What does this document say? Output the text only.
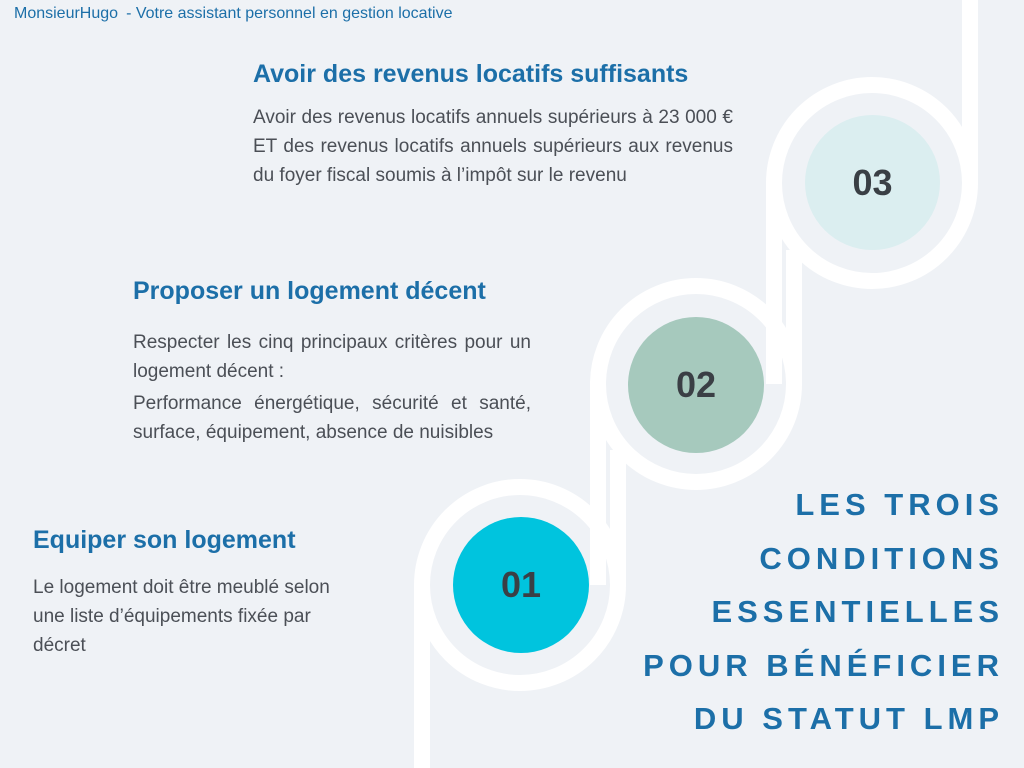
MonsieurHugo - Votre assistant personnel en gestion locative
Avoir des revenus locatifs suffisants

Avoir des revenus locatifs annuels supérieurs à 23 000 € ET des revenus locatifs annuels supérieurs aux revenus du foyer fiscal soumis à l’impôt sur le revenu

Proposer un logement décent

Respecter les cinq principaux critères pour un logement décent :

Performance énergétique, sécurité et santé, surface, équipement, absence de nuisibles

Equiper son logement

Le logement doit être meublé selon une liste d’équipements fixée par décret

03
02
01
LES TROIS
CONDITIONS
ESSENTIELLES
POUR BÉNÉFICIER
DU STATUT LMP
